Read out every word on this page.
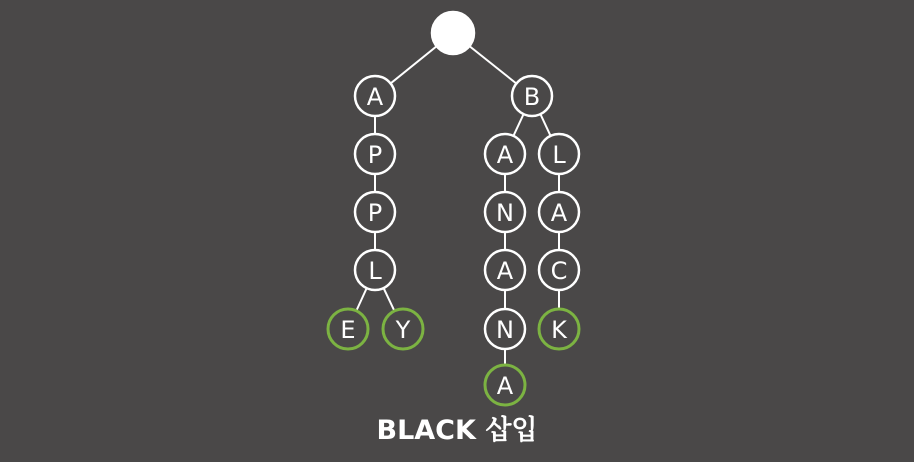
A
P
P
L
E Y
B
A
N
A
N
A
L
A
C
K
BLACK 삽입
